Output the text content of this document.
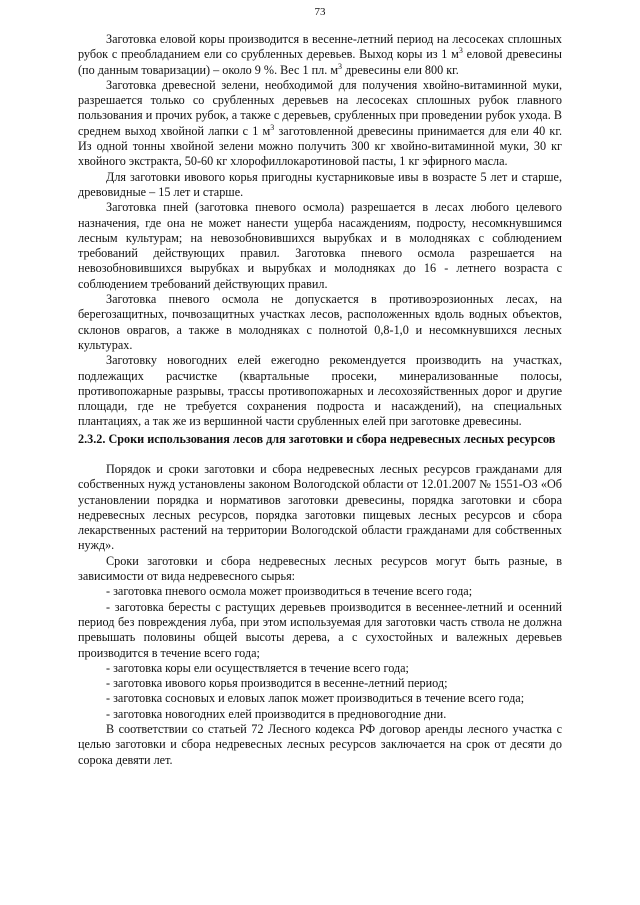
73

Заготовка еловой коры производится в весенне-летний период на лесосеках сплошных рубок с преобладанием ели со срубленных деревьев. Выход коры из 1 $м^3$ еловой древесины (по данным товаризации) – около 9 %. Вес 1 пл. $м^3$ древесины ели 800 кг.

Заготовка древесной зелени, необходимой для получения хвойно-витаминной муки, разрешается только со срубленных деревьев на лесосеках сплошных рубок главного пользования и прочих рубок, а также с деревьев, срубленных при проведении рубок ухода. В среднем выход хвойной лапки с 1 $м^3$ заготовленной древесины принимается для ели 40 кг. Из одной тонны хвойной зелени можно получить 300 кг хвойно-витаминной муки, 30 кг хвойного экстракта, 50-60 кг хлорофиллокаротиновой пасты, 1 кг эфирного масла.

Для заготовки ивового корья пригодны кустарниковые ивы в возрасте 5 лет и старше, древовидные – 15 лет и старше.

Заготовка пней (заготовка пневого осмола) разрешается в лесах любого целевого назначения, где она не может нанести ущерба насаждениям, подросту, несомкнувшимся лесным культурам; на невозобновившихся вырубках и в молодняках с соблюдением требований действующих правил. Заготовка пневого осмола разрешается на невозобновившихся вырубках и вырубках и молодняках до 16 - летнего возраста с соблюдением требований действующих правил.

Заготовка пневого осмола не допускается в противоэрозионных лесах, на берегозащитных, почвозащитных участках лесов, расположенных вдоль водных объектов, склонов оврагов, а также в молодняках с полнотой 0,8-1,0 и несомкнувшихся лесных культурах.

Заготовку новогодних елей ежегодно рекомендуется производить на участках, подлежащих расчистке (квартальные просеки, минерализованные полосы, противопожарные разрывы, трассы противопожарных и лесохозяйственных дорог и другие площади, где не требуется сохранения подроста и насаждений), на специальных плантациях, а так же из вершинной части срубленных елей при заготовке древесины.

2.3.2. Сроки использования лесов для заготовки и сбора недревесных лесных ресурсов

Порядок и сроки заготовки и сбора недревесных лесных ресурсов гражданами для собственных нужд установлены законом Вологодской области от 12.01.2007 № 1551-ОЗ «Об установлении порядка и нормативов заготовки древесины, порядка заготовки и сбора недревесных лесных ресурсов, порядка заготовки пищевых лесных ресурсов и сбора лекарственных растений на территории Вологодской области гражданами для собственных нужд».

Сроки заготовки и сбора недревесных лесных ресурсов могут быть разные, в зависимости от вида недревесного сырья:

- заготовка пневого осмола может производиться в течение всего года;

- заготовка бересты с растущих деревьев производится в весеннее-летний и осенний период без повреждения луба, при этом используемая для заготовки часть ствола не должна превышать половины общей высоты дерева, а с сухостойных и валежных деревьев производится в течение всего года;

- заготовка коры ели осуществляется в течение всего года;

- заготовка ивового корья производится в весенне-летний период;

- заготовка сосновых и еловых лапок может производиться в течение всего года;

- заготовка новогодних елей производится в предновогодние дни.

В соответствии со статьей 72 Лесного кодекса РФ договор аренды лесного участка с целью заготовки и сбора недревесных лесных ресурсов заключается на срок от десяти до сорока девяти лет.
